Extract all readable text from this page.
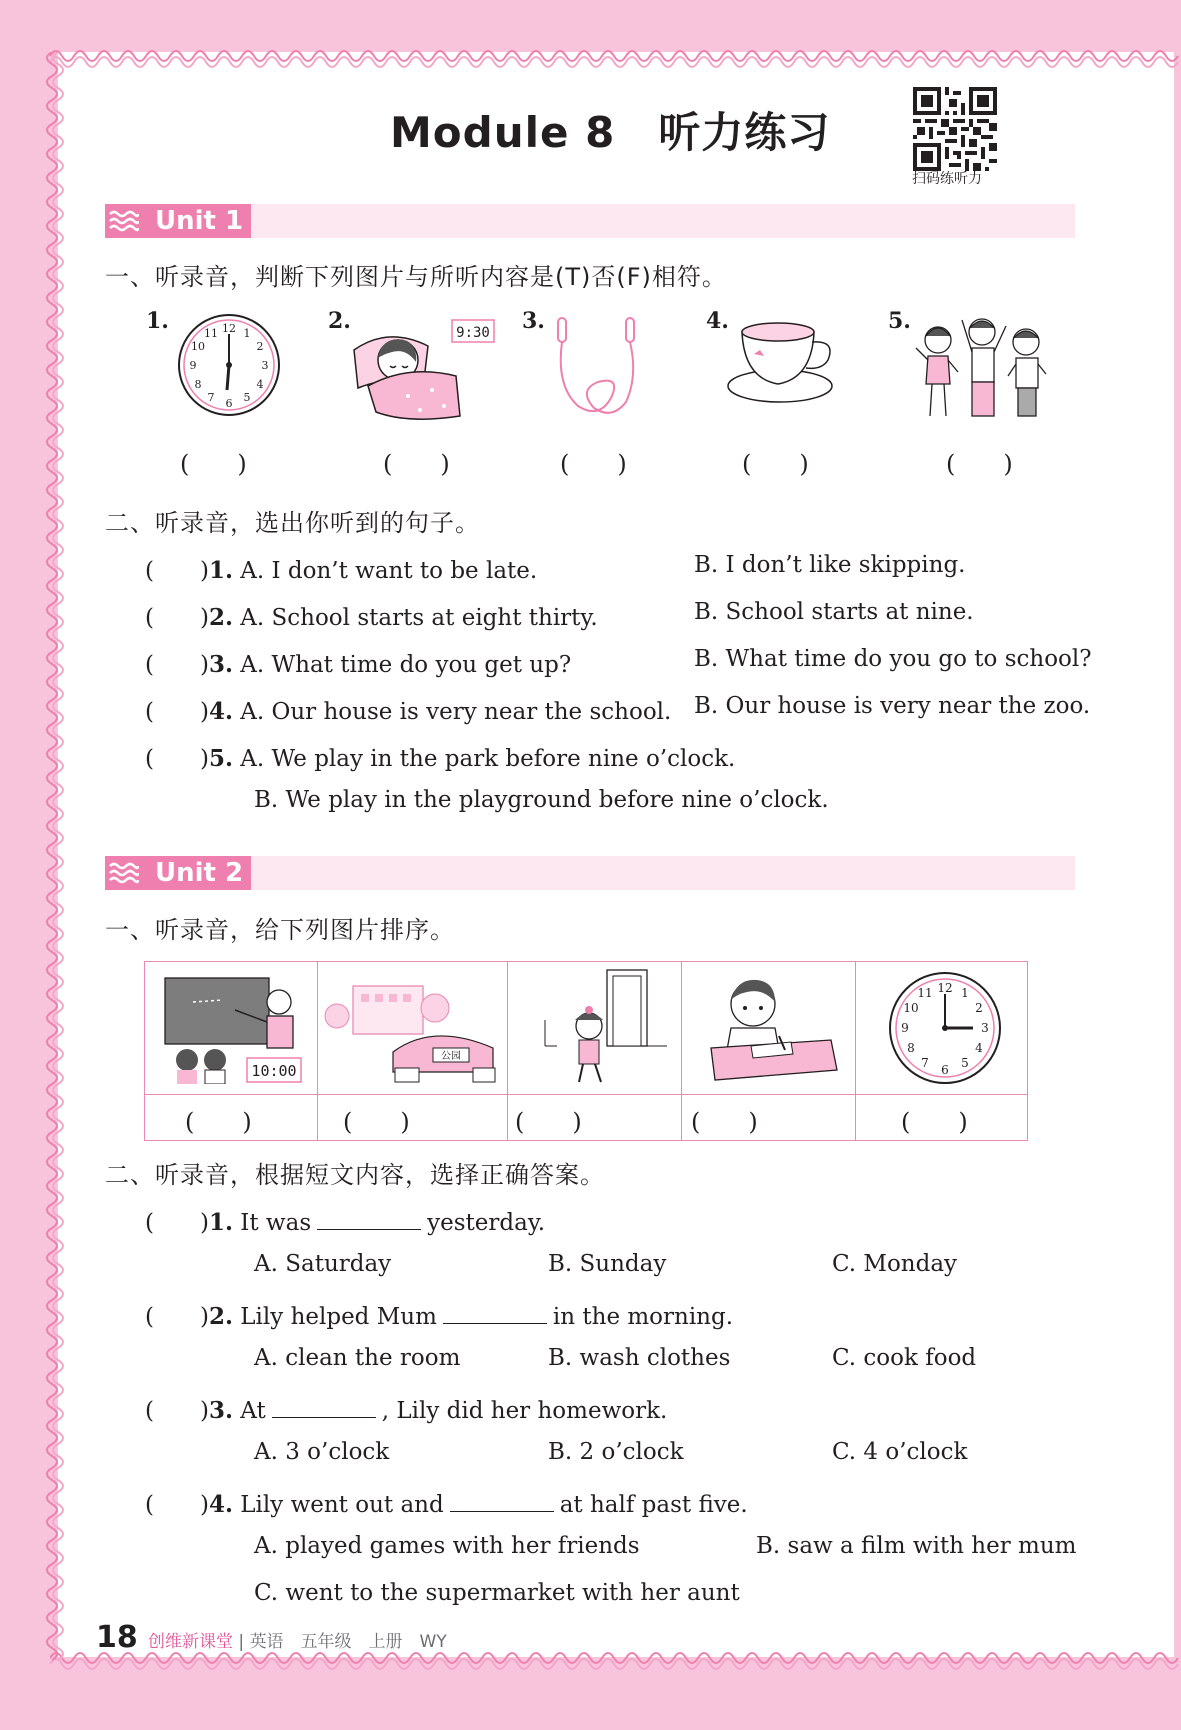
Module 8　听力练习
扫码练听力
Unit 1
一、听录音，判断下列图片与所听内容是(T)否(F)相符。
1.	12 1
2
3
4
5
6
7
8
9
10
11
(　　)
2.	9:30
(　　)
3.
(　　)
4.
(　　)
5.
(　　)
二、听录音，选出你听到的句子。
(　　)1. A. I don’t want to be late.	B. I don’t like skipping.
(　　)2. A. School starts at eight thirty.	B. School starts at nine.
(　　)3. A. What time do you get up?	B. What time do you go to school?
(　　)4. A. Our house is very near the school. B. Our house is very near the zoo.
(　　)5. A. We play in the park before nine o’clock.
B. We play in the playground before nine o’clock.
Unit 2
一、听录音，给下列图片排序。
10:00
(　　)
公园
(　　)	(　　)	(　　)
12 1
2
3
4
5
6
7
8
9
10
11
(　　)
二、听录音，根据短文内容，选择正确答案。
(　　)1. It was	yesterday.
A. Saturday	B. Sunday	C. Monday
(　　)2. Lily helped Mum	in the morning.
A. clean the room	B. wash clothes	C. cook food
(　　)3. At	, Lily did her homework.
A. 3 o’clock	B. 2 o’clock	C. 4 o’clock
(　　)4. Lily went out and	at half past five.
A. played games with her friends	B. saw a film with her mum
C. went to the supermarket with her aunt
18 创维新课堂 | 英语　五年级　上册　WY
